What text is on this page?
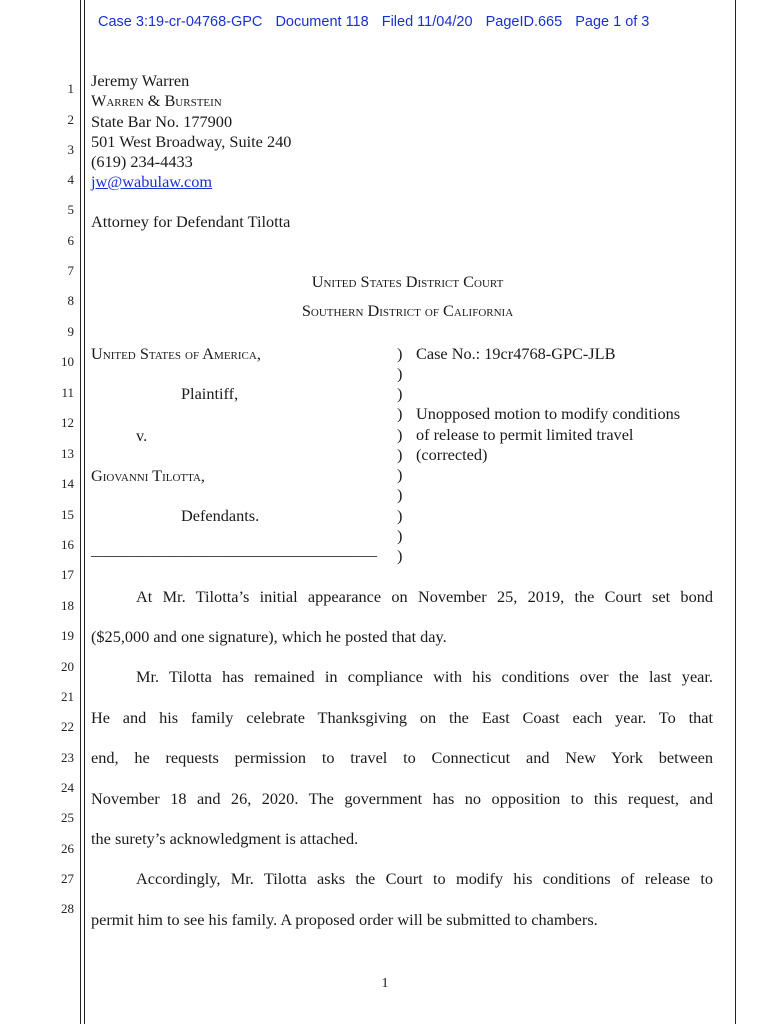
Case 3:19-cr-04768-GPC Document 118 Filed 11/04/20 PageID.665 Page 1 of 3
1
2
3
4
5
6
7
8
9
10
11
12
13
14
15
16
17
18
19
20
21
22
23
24
25
26
27
28
Jeremy Warren
Warren & Burstein
State Bar No. 177900
501 West Broadway, Suite 240
(619) 234-4433
jw@wabulaw.com
Attorney for Defendant Tilotta
United States District Court
Southern District of California
United States of America,
Plaintiff,
v.
Giovanni Tilotta,
Defendants.
____________________________________
)
)
)
)
)
)
)
)
)
)
)
Case No.: 19cr4768-GPC-JLB
Unopposed motion to modify conditions
of release to permit limited travel
(corrected)
At Mr. Tilotta’s initial appearance on November 25, 2019, the Court set bond
($25,000 and one signature), which he posted that day.
Mr. Tilotta has remained in compliance with his conditions over the last year.
He and his family celebrate Thanksgiving on the East Coast each year. To that
end, he requests permission to travel to Connecticut and New York between
November 18 and 26, 2020. The government has no opposition to this request, and
the surety’s acknowledgment is attached.
Accordingly, Mr. Tilotta asks the Court to modify his conditions of release to
permit him to see his family. A proposed order will be submitted to chambers.
1
